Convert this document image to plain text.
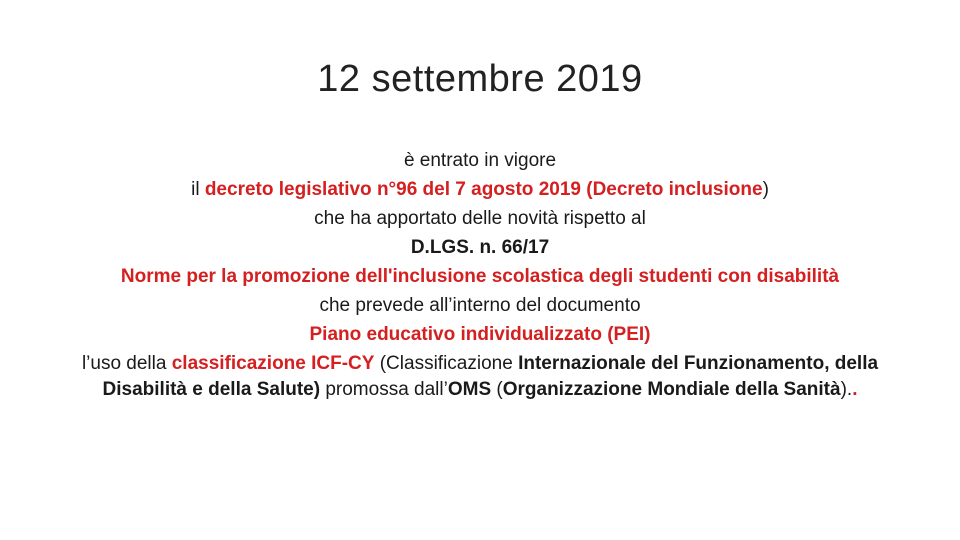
12 settembre 2019
è entrato in vigore
il decreto legislativo n°96 del 7 agosto 2019 (Decreto inclusione)
che ha apportato delle novità rispetto al
D.LGS. n. 66/17
Norme per la promozione dell'inclusione scolastica degli studenti con disabilità
che prevede all’interno del documento
Piano educativo individualizzato (PEI)
l’uso della classificazione ICF-CY (Classificazione Internazionale del Funzionamento, della
Disabilità e della Salute) promossa dall’OMS (Organizzazione Mondiale della Sanità)..
